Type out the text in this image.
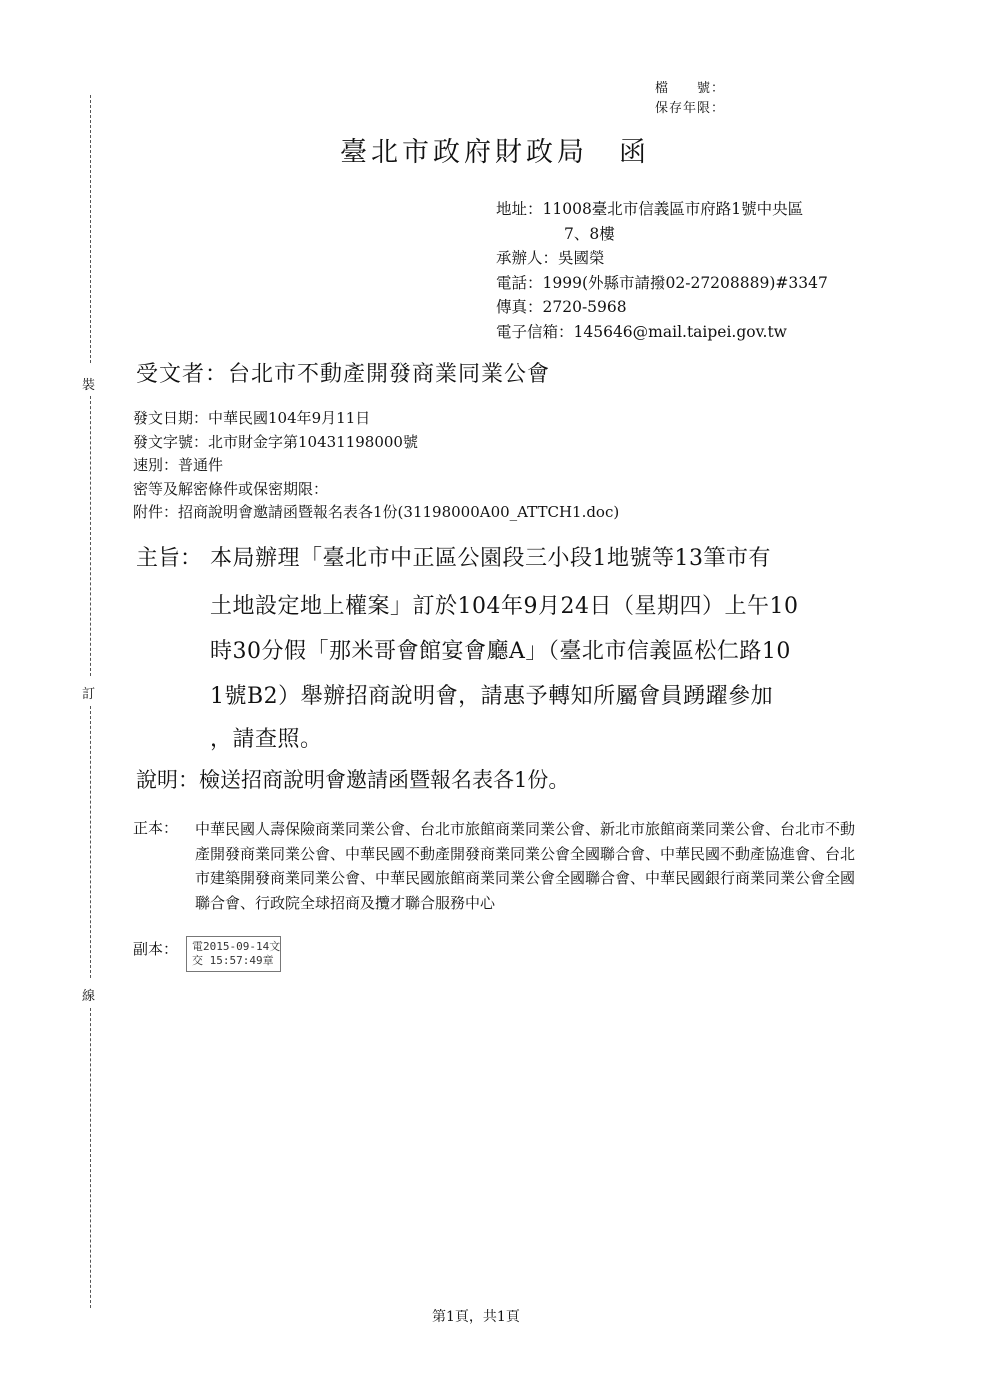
裝
訂
線
檔　　號：
保存年限：
臺北市政府財政局　函
地址：11008臺北市信義區市府路1號中央區
7、8樓
承辦人：吳國榮
電話：1999(外縣市請撥02-27208889)#3347
傳真：2720-5968
電子信箱：145646@mail.taipei.gov.tw
受文者：台北市不動產開發商業同業公會
發文日期：中華民國104年9月11日
發文字號：北市財金字第10431198000號
速別：普通件
密等及解密條件或保密期限：
附件：招商說明會邀請函暨報名表各1份(31198000A00_ATTCH1.doc)
主旨： 本局辦理「臺北市中正區公園段三小段1地號等13筆市有
土地設定地上權案」訂於104年9月24日（星期四）上午10
時30分假「那米哥會館宴會廳A」（臺北市信義區松仁路10
1號B2）舉辦招商說明會，請惠予轉知所屬會員踴躍參加
，請查照。
說明：檢送招商說明會邀請函暨報名表各1份。
正本： 中華民國人壽保險商業同業公會、台北市旅館商業同業公會、新北市旅館商業同業公會、台北市不動產開發商業同業公會、中華民國不動產開發商業同業公會全國聯合會、中華民國不動產協進會、台北市建築開發商業同業公會、中華民國旅館商業同業公會全國聯合會、中華民國銀行商業同業公會全國聯合會、行政院全球招商及攬才聯合服務中心
副本： 電2015-09-14文
交 15:57:49章
第1頁，共1頁
